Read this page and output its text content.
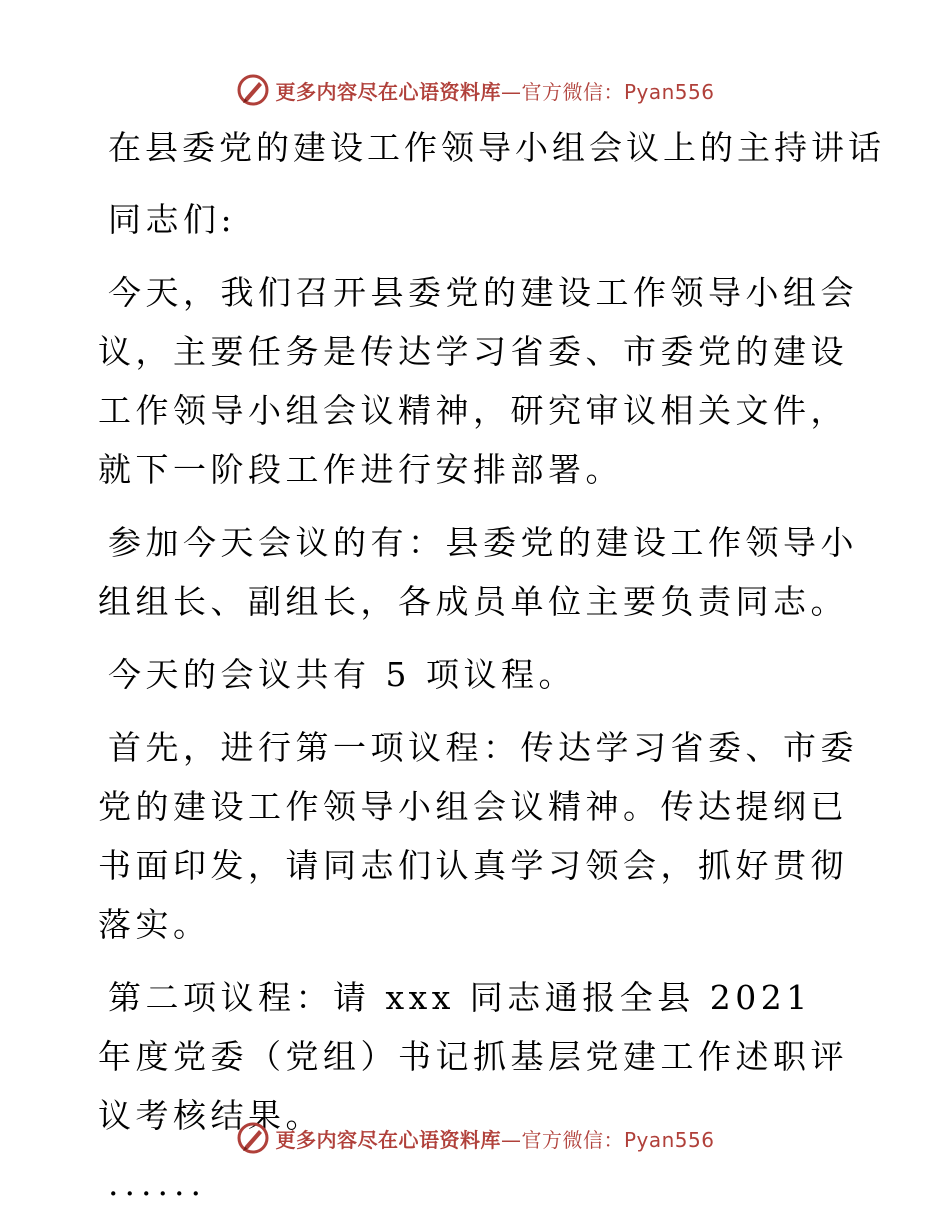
更多内容尽在心语资料库—官方微信：Pyan556
在县委党的建设工作领导小组会议上的主持讲话

同志们:

今天，我们召开县委党的建设工作领导小组会议，主要任务是传达学习省委、市委党的建设工作领导小组会议精神，研究审议相关文件，就下一阶段工作进行安排部署。

参加今天会议的有：县委党的建设工作领导小组组长、副组长，各成员单位主要负责同志。

今天的会议共有 5 项议程。

首先，进行第一项议程：传达学习省委、市委党的建设工作领导小组会议精神。传达提纲已书面印发，请同志们认真学习领会，抓好贯彻落实。

第二项议程：请 xxx 同志通报全县 2021 年度党委（党组）书记抓基层党建工作述职评议考核结果。

......
更多内容尽在心语资料库—官方微信：Pyan556
